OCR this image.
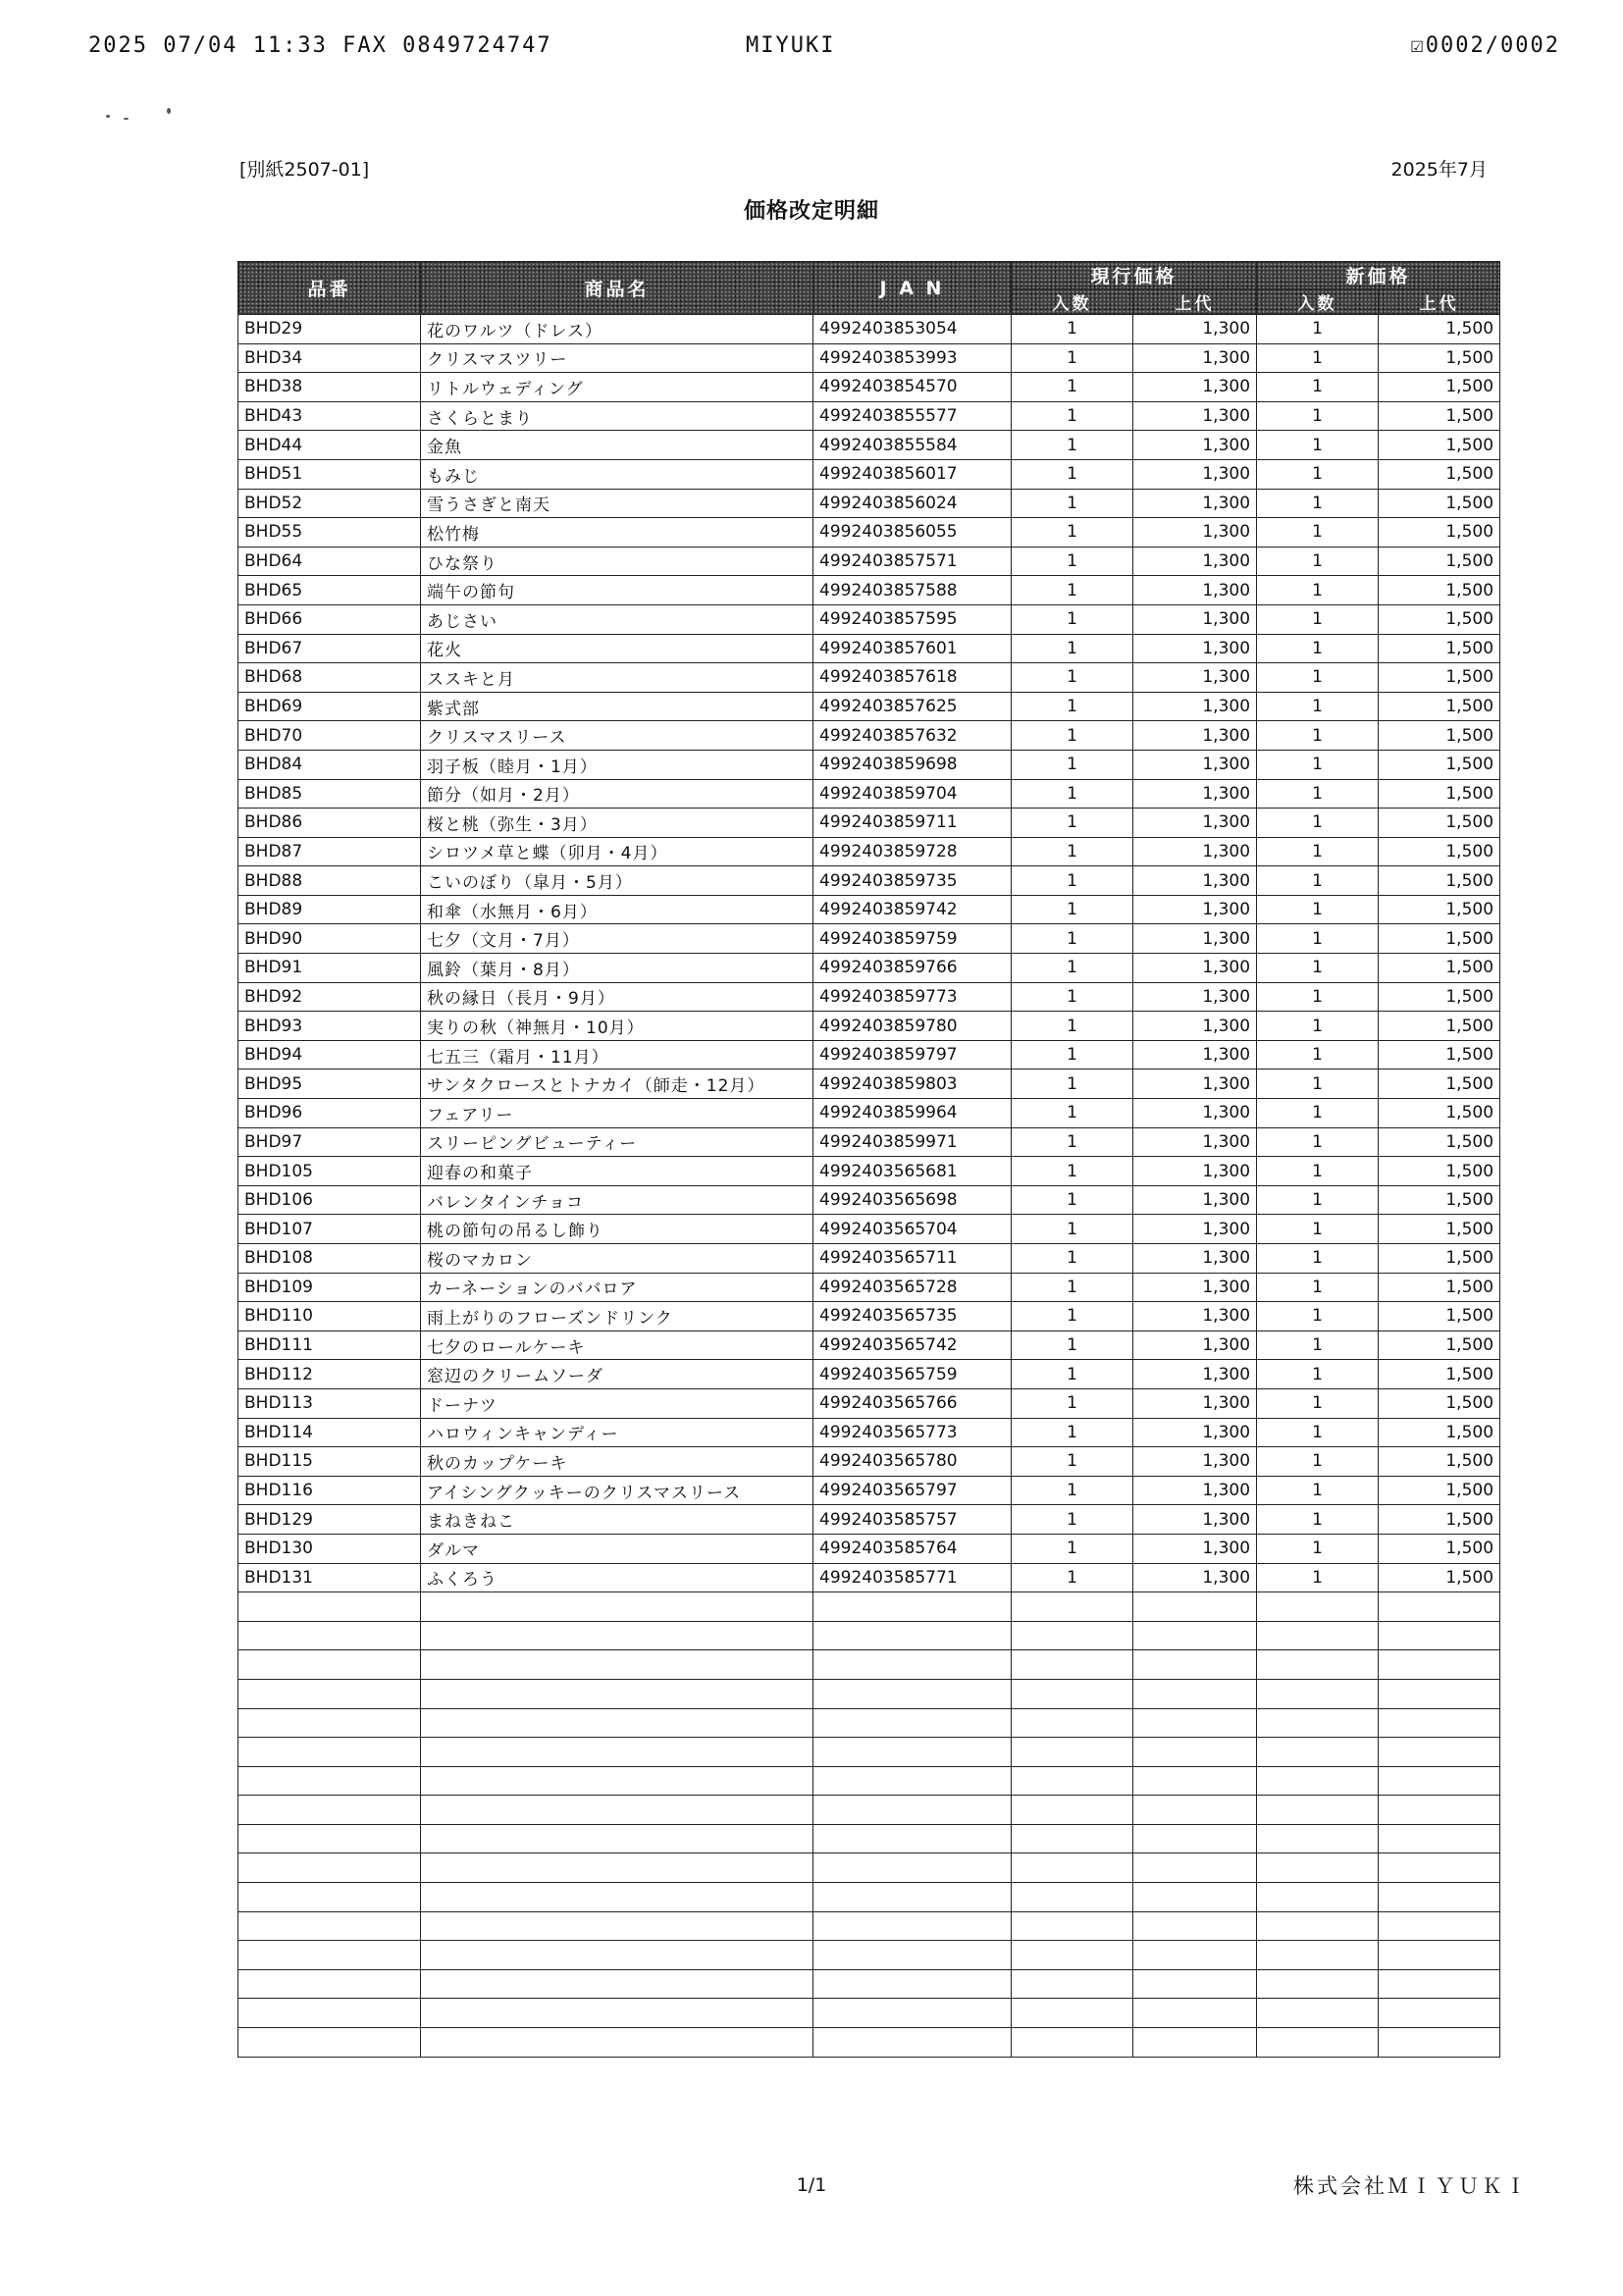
2025 07/04 11:33 FAX 0849724747	MIYUKI	☑0002/0002
[別紙2507-01]	2025年7月
価格改定明細
品番	商品名	J A N	現行価格		新価格	
			入数	上代	入数	上代
BHD29	花のワルツ（ドレス）	4992403853054	1	1,300	1	1,500
BHD34	クリスマスツリー	4992403853993	1	1,300	1	1,500
BHD38	リトルウェディング	4992403854570	1	1,300	1	1,500
BHD43	さくらとまり	4992403855577	1	1,300	1	1,500
BHD44	金魚	4992403855584	1	1,300	1	1,500
BHD51	もみじ	4992403856017	1	1,300	1	1,500
BHD52	雪うさぎと南天	4992403856024	1	1,300	1	1,500
BHD55	松竹梅	4992403856055	1	1,300	1	1,500
BHD64	ひな祭り	4992403857571	1	1,300	1	1,500
BHD65	端午の節句	4992403857588	1	1,300	1	1,500
BHD66	あじさい	4992403857595	1	1,300	1	1,500
BHD67	花火	4992403857601	1	1,300	1	1,500
BHD68	ススキと月	4992403857618	1	1,300	1	1,500
BHD69	紫式部	4992403857625	1	1,300	1	1,500
BHD70	クリスマスリース	4992403857632	1	1,300	1	1,500
BHD84	羽子板（睦月・1月）	4992403859698	1	1,300	1	1,500
BHD85	節分（如月・2月）	4992403859704	1	1,300	1	1,500
BHD86	桜と桃（弥生・3月）	4992403859711	1	1,300	1	1,500
BHD87	シロツメ草と蝶（卯月・4月）	4992403859728	1	1,300	1	1,500
BHD88	こいのぼり（皐月・5月）	4992403859735	1	1,300	1	1,500
BHD89	和傘（水無月・6月）	4992403859742	1	1,300	1	1,500
BHD90	七夕（文月・7月）	4992403859759	1	1,300	1	1,500
BHD91	風鈴（葉月・8月）	4992403859766	1	1,300	1	1,500
BHD92	秋の縁日（長月・9月）	4992403859773	1	1,300	1	1,500
BHD93	実りの秋（神無月・10月）	4992403859780	1	1,300	1	1,500
BHD94	七五三（霜月・11月）	4992403859797	1	1,300	1	1,500
BHD95	サンタクロースとトナカイ（師走・12月）	4992403859803	1	1,300	1	1,500
BHD96	フェアリー	4992403859964	1	1,300	1	1,500
BHD97	スリーピングビューティー	4992403859971	1	1,300	1	1,500
BHD105	迎春の和菓子	4992403565681	1	1,300	1	1,500
BHD106	バレンタインチョコ	4992403565698	1	1,300	1	1,500
BHD107	桃の節句の吊るし飾り	4992403565704	1	1,300	1	1,500
BHD108	桜のマカロン	4992403565711	1	1,300	1	1,500
BHD109	カーネーションのババロア	4992403565728	1	1,300	1	1,500
BHD110	雨上がりのフローズンドリンク	4992403565735	1	1,300	1	1,500
BHD111	七夕のロールケーキ	4992403565742	1	1,300	1	1,500
BHD112	窓辺のクリームソーダ	4992403565759	1	1,300	1	1,500
BHD113	ドーナツ	4992403565766	1	1,300	1	1,500
BHD114	ハロウィンキャンディー	4992403565773	1	1,300	1	1,500
BHD115	秋のカップケーキ	4992403565780	1	1,300	1	1,500
BHD116	アイシングクッキーのクリスマスリース	4992403565797	1	1,300	1	1,500
BHD129	まねきねこ	4992403585757	1	1,300	1	1,500
BHD130	ダルマ	4992403585764	1	1,300	1	1,500
BHD131	ふくろう	4992403585771	1	1,300	1	1,500

1/1	株式会社ＭＩＹＵＫＩ
